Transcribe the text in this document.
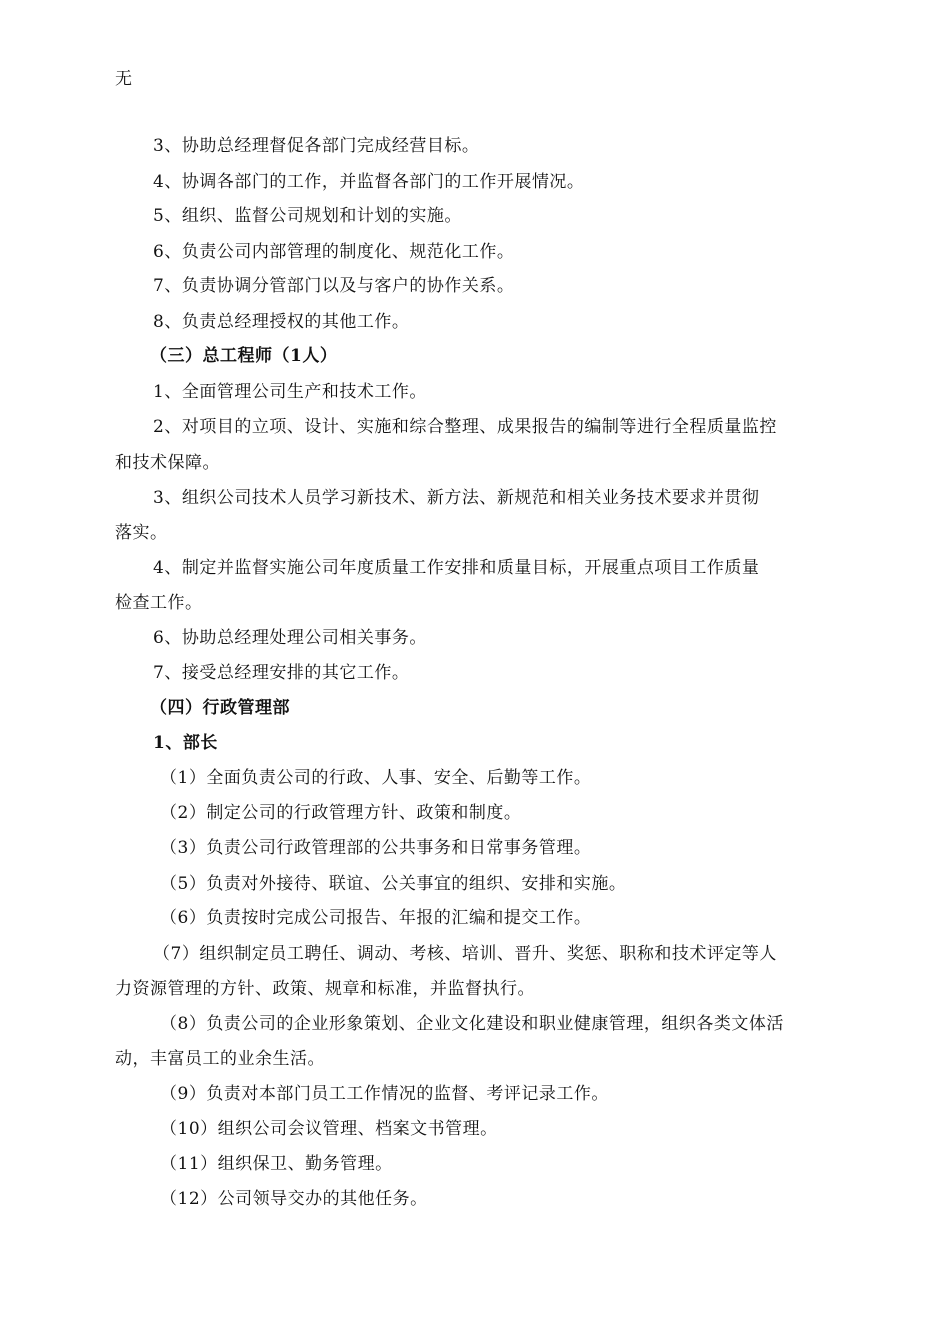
无
3、协助总经理督促各部门完成经营目标。
4、协调各部门的工作，并监督各部门的工作开展情况。
5、组织、监督公司规划和计划的实施。
6、负责公司内部管理的制度化、规范化工作。
7、负责协调分管部门以及与客户的协作关系。
8、负责总经理授权的其他工作。
（三）总工程师（1人）
1、全面管理公司生产和技术工作。
2、对项目的立项、设计、实施和综合整理、成果报告的编制等进行全程质量监控
和技术保障。
3、组织公司技术人员学习新技术、新方法、新规范和相关业务技术要求并贯彻
落实。
4、制定并监督实施公司年度质量工作安排和质量目标，开展重点项目工作质量
检查工作。
6、协助总经理处理公司相关事务。
7、接受总经理安排的其它工作。
（四）行政管理部
1、部长
（1）全面负责公司的行政、人事、安全、后勤等工作。
（2）制定公司的行政管理方针、政策和制度。
（3）负责公司行政管理部的公共事务和日常事务管理。
（5）负责对外接待、联谊、公关事宜的组织、安排和实施。
（6）负责按时完成公司报告、年报的汇编和提交工作。
（7）组织制定员工聘任、调动、考核、培训、晋升、奖惩、职称和技术评定等人
力资源管理的方针、政策、规章和标准，并监督执行。
（8）负责公司的企业形象策划、企业文化建设和职业健康管理，组织各类文体活
动，丰富员工的业余生活。
（9）负责对本部门员工工作情况的监督、考评记录工作。
（10）组织公司会议管理、档案文书管理。
（11）组织保卫、勤务管理。
（12）公司领导交办的其他任务。
